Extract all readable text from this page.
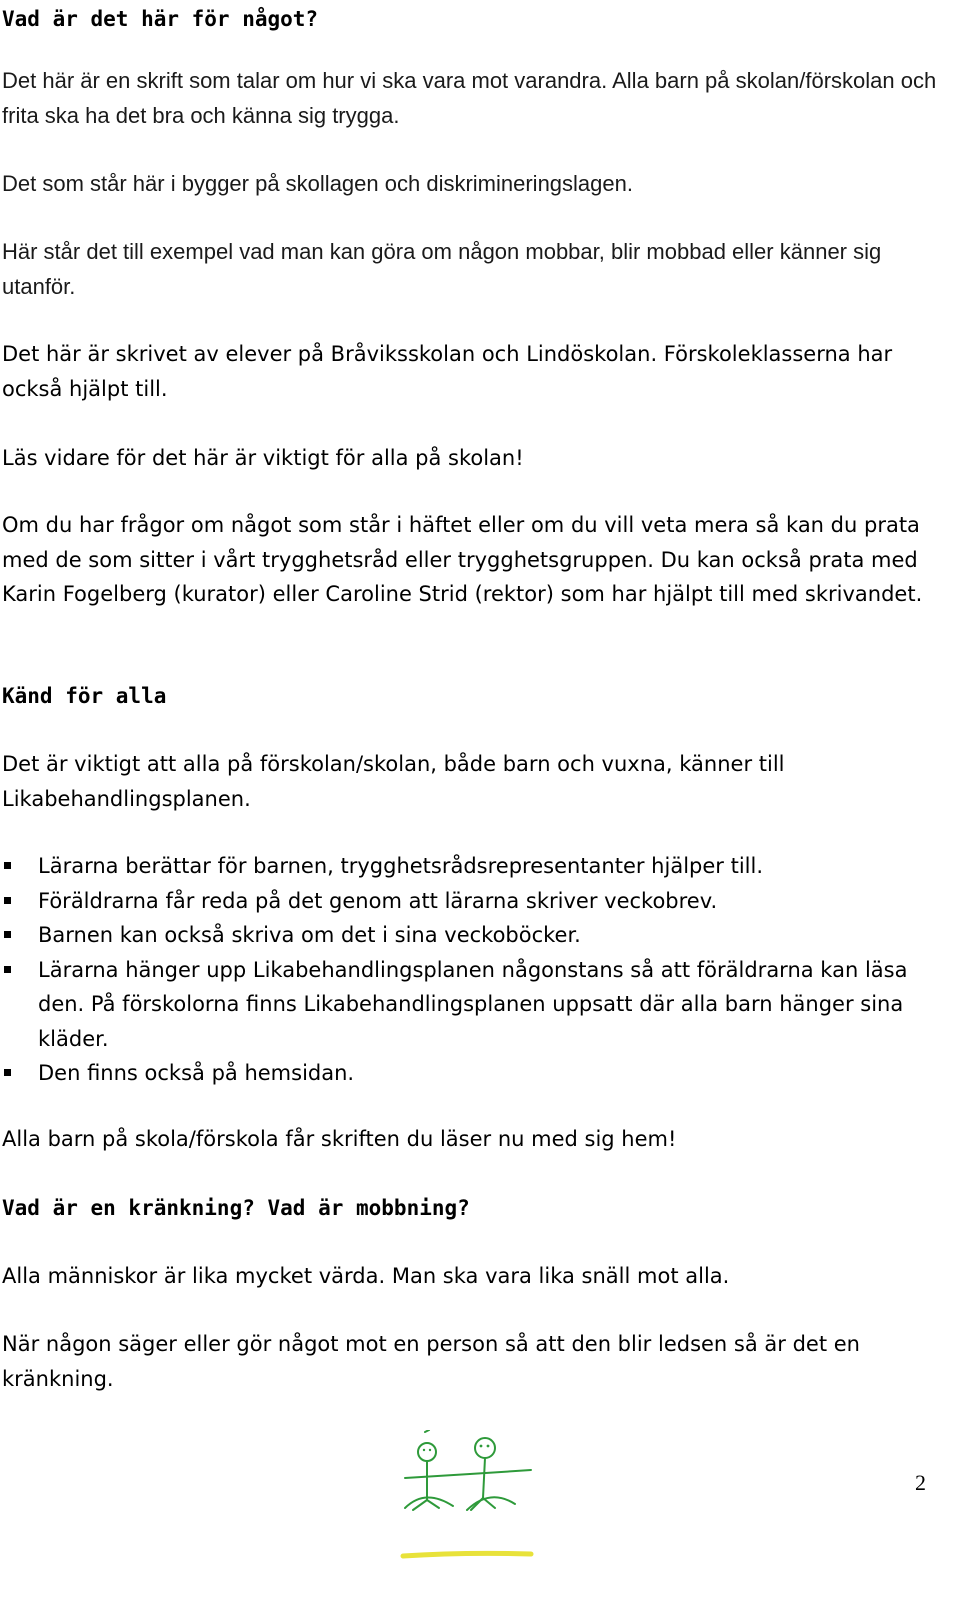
Vad är det här för något?

Det här är en skrift som talar om hur vi ska vara mot varandra. Alla barn på skolan/förskolan och frita ska ha det bra och känna sig trygga.

Det som står här i bygger på skollagen och diskrimineringslagen.

Här står det till exempel vad man kan göra om någon mobbar, blir mobbad eller känner sig utanför.

Det här är skrivet av elever på Bråviksskolan och Lindöskolan. Förskoleklasserna har också hjälpt till.

Läs vidare för det här är viktigt för alla på skolan!

Om du har frågor om något som står i häftet eller om du vill veta mera så kan du prata med de som sitter i vårt trygghetsråd eller trygghetsgruppen. Du kan också prata med Karin Fogelberg (kurator) eller Caroline Strid (rektor) som har hjälpt till med skrivandet.

Känd för alla

Det är viktigt att alla på förskolan/skolan, både barn och vuxna, känner till Likabehandlingsplanen.

Lärarna berättar för barnen, trygghetsrådsrepresentanter hjälper till.
Föräldrarna får reda på det genom att lärarna skriver veckobrev.
Barnen kan också skriva om det i sina veckoböcker.
Lärarna hänger upp Likabehandlingsplanen någonstans så att föräldrarna kan läsa den. På förskolorna finns Likabehandlingsplanen uppsatt där alla barn hänger sina kläder.
Den finns också på hemsidan.

Alla barn på skola/förskola får skriften du läser nu med sig hem!

Vad är en kränkning? Vad är mobbning?

Alla människor är lika mycket värda. Man ska vara lika snäll mot alla.

När någon säger eller gör något mot en person så att den blir ledsen så är det en kränkning.

2
